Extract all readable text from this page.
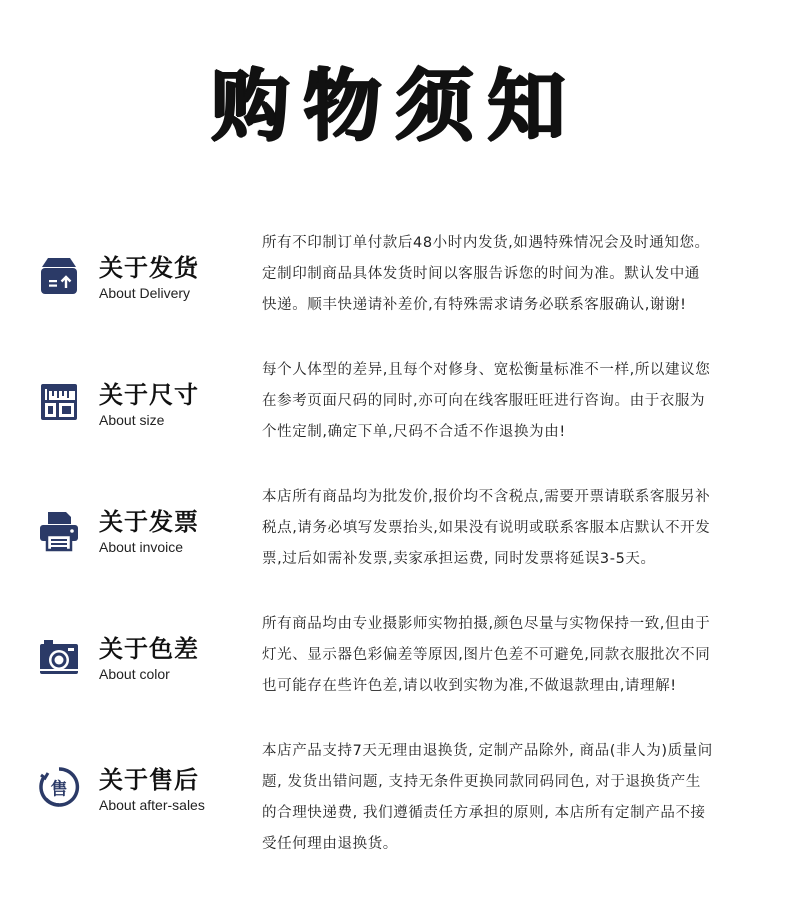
购物须知
关于发货
About Delivery
所有不印制订单付款后48小时内发货,如遇特殊情况会及时通知您。
定制印制商品具体发货时间以客服告诉您的时间为准。默认发中通
快递。顺丰快递请补差价,有特殊需求请务必联系客服确认,谢谢!
关于尺寸
About size
每个人体型的差异,且每个对修身、宽松衡量标准不一样,所以建议您
在参考页面尺码的同时,亦可向在线客服旺旺进行咨询。由于衣服为
个性定制,确定下单,尺码不合适不作退换为由!
关于发票
About invoice
本店所有商品均为批发价,报价均不含税点,需要开票请联系客服另补
税点,请务必填写发票抬头,如果没有说明或联系客服本店默认不开发
票,过后如需补发票,卖家承担运费, 同时发票将延误3-5天。
关于色差
About color
所有商品均由专业摄影师实物拍摄,颜色尽量与实物保持一致,但由于
灯光、显示器色彩偏差等原因,图片色差不可避免,同款衣服批次不同
也可能存在些许色差,请以收到实物为准,不做退款理由,请理解!
售 关于售后
About after-sales
本店产品支持7天无理由退换货, 定制产品除外, 商品(非人为)质量问
题, 发货出错问题, 支持无条件更换同款同码同色, 对于退换货产生
的合理快递费, 我们遵循责任方承担的原则, 本店所有定制产品不接
受任何理由退换货。
